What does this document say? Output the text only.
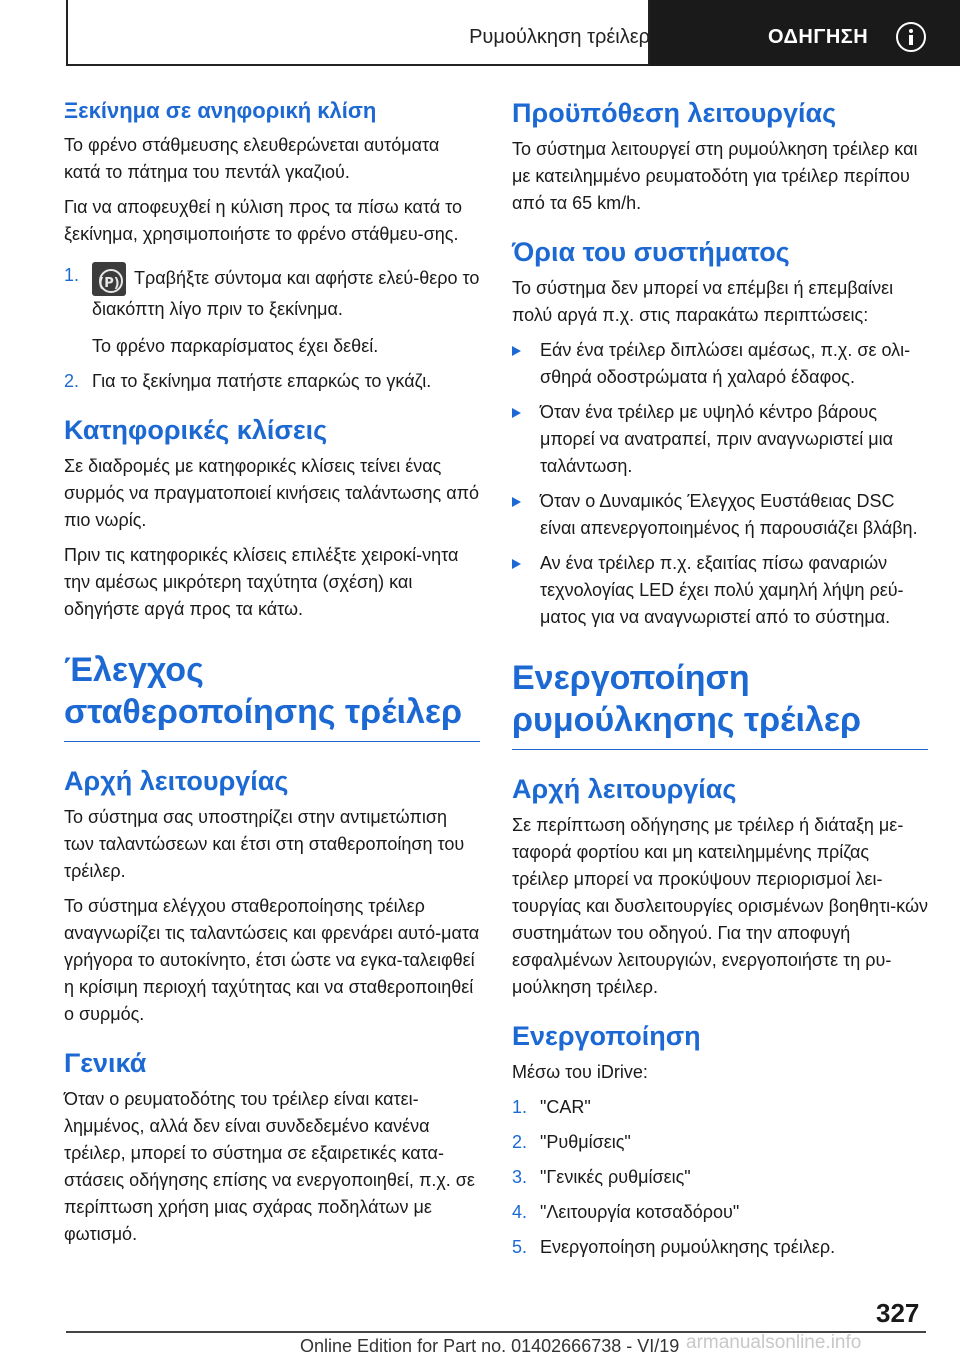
Ρυμούλκηση τρέιλερ	ΟΔΗΓΗΣΗ
Ξεκίνημα σε ανηφορική κλίση

Το φρένο στάθμευσης ελευθερώνεται αυτόματα κατά το πάτημα του πεντάλ γκαζιού.

Για να αποφευχθεί η κύλιση προς τα πίσω κατά το ξεκίνημα, χρησιμοποιήστε το φρένο στάθμευ‐σης.

1.	(P) Τραβήξτε σύντομα και αφήστε ελεύ‐θερο το διακόπτη λίγο πριν το ξεκίνημα.
Το φρένο παρκαρίσματος έχει δεθεί.
2. Για το ξεκίνημα πατήστε επαρκώς το γκάζι.
Κατηφορικές κλίσεις

Σε διαδρομές με κατηφορικές κλίσεις τείνει ένας συρμός να πραγματοποιεί κινήσεις ταλάντωσης από πιο νωρίς.

Πριν τις κατηφορικές κλίσεις επιλέξτε χειροκί‐νητα την αμέσως μικρότερη ταχύτητα (σχέση) και οδηγήστε αργά προς τα κάτω.

Έλεγχος σταθεροποίησης τρέιλερ
Αρχή λειτουργίας

Το σύστημα σας υποστηρίζει στην αντιμετώπιση των ταλαντώσεων και έτσι στη σταθεροποίηση του τρέιλερ.

Το σύστημα ελέγχου σταθεροποίησης τρέιλερ αναγνωρίζει τις ταλαντώσεις και φρενάρει αυτό‐ματα γρήγορα το αυτοκίνητο, έτσι ώστε να εγκα‐ταλειφθεί η κρίσιμη περιοχή ταχύτητας και να σταθεροποιηθεί ο συρμός.

Γενικά

Όταν ο ρευματοδότης του τρέιλερ είναι κατει‐λημμένος, αλλά δεν είναι συνδεδεμένο κανένα τρέιλερ, μπορεί το σύστημα σε εξαιρετικές κατα‐στάσεις οδήγησης επίσης να ενεργοποιηθεί, π.χ. σε περίπτωση χρήση μιας σχάρας ποδηλάτων με φωτισμό.

Προϋπόθεση λειτουργίας

Το σύστημα λειτουργεί στη ρυμούλκηση τρέιλερ και με κατειλημμένο ρευματοδότη για τρέιλερ περίπου από τα 65 km/h.

Όρια του συστήματος

Το σύστημα δεν μπορεί να επέμβει ή επεμβαίνει πολύ αργά π.χ. στις παρακάτω περιπτώσεις:

Εάν ένα τρέιλερ διπλώσει αμέσως, π.χ. σε ολι‐σθηρά οδοστρώματα ή χαλαρό έδαφος.
Όταν ένα τρέιλερ με υψηλό κέντρο βάρους μπορεί να ανατραπεί, πριν αναγνωριστεί μια ταλάντωση.
Όταν ο Δυναμικός Έλεγχος Ευστάθειας DSC είναι απενεργοποιημένος ή παρουσιάζει βλάβη.
Αν ένα τρέιλερ π.χ. εξαιτίας πίσω φαναριών τεχνολογίας LED έχει πολύ χαμηλή λήψη ρεύ‐ματος για να αναγνωριστεί από το σύστημα.
Ενεργοποίηση ρυμούλκησης τρέιλερ
Αρχή λειτουργίας

Σε περίπτωση οδήγησης με τρέιλερ ή διάταξη με‐ταφορά φορτίου και μη κατειλημμένης πρίζας τρέιλερ μπορεί να προκύψουν περιορισμοί λει‐τουργίας και δυσλειτουργίες ορισμένων βοηθητι‐κών συστημάτων του οδηγού. Για την αποφυγή εσφαλμένων λειτουργιών, ενεργοποιήστε τη ρυ‐μούλκηση τρέιλερ.

Ενεργοποίηση

Μέσω του iDrive:

1. "CAR"
2. "Ρυθμίσεις"
3. "Γενικές ρυθμίσεις"
4. "Λειτουργία κοτσαδόρου"
5. Ενεργοποίηση ρυμούλκησης τρέιλερ.
327
Online Edition for Part no. 01402666738 - VI/19 armanualsonline.info
